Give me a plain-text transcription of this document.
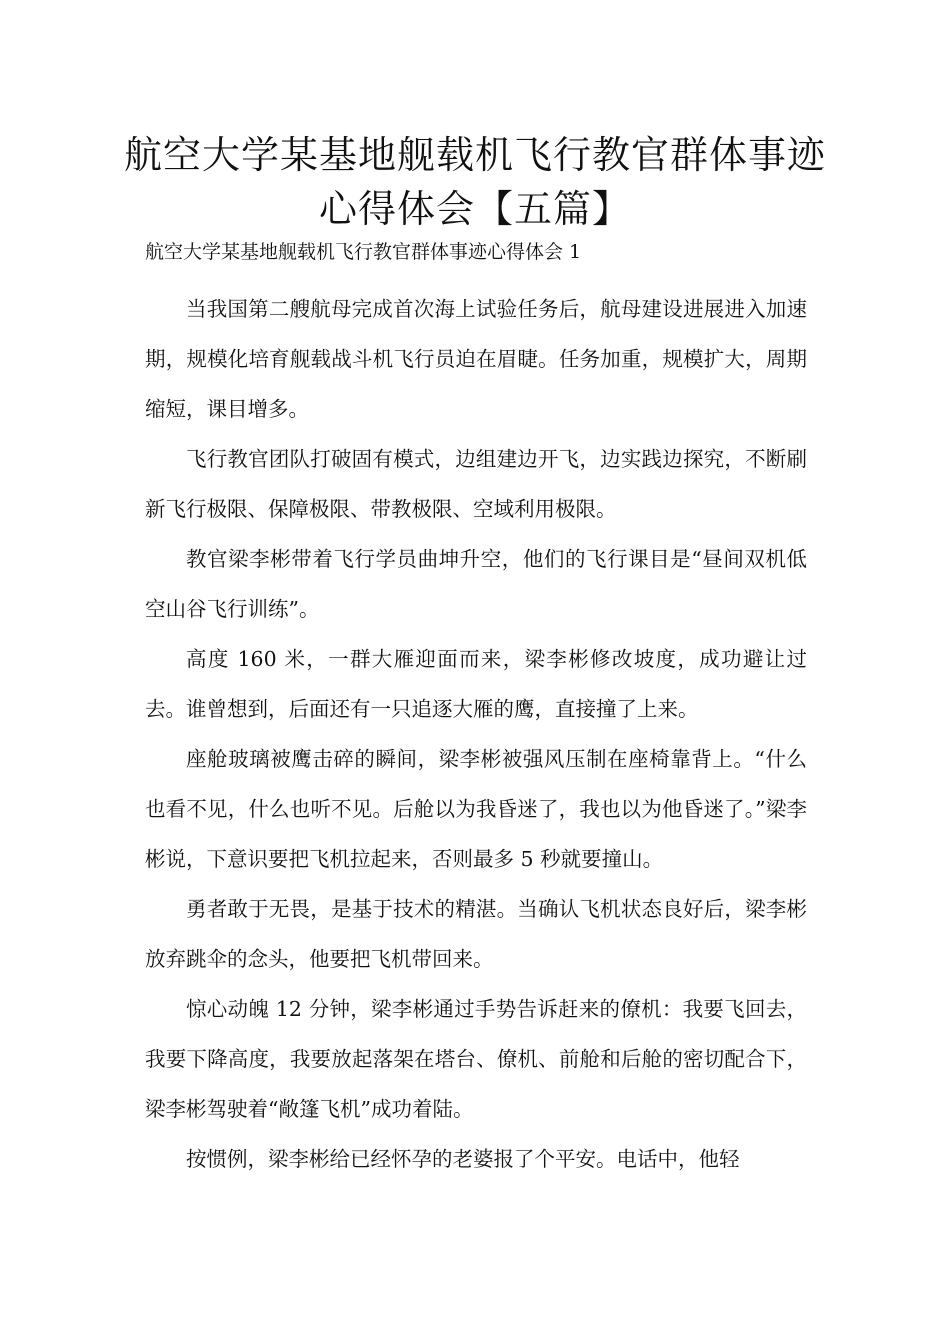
航空大学某基地舰载机飞行教官群体事迹心得体会【五篇】

航空大学某基地舰载机飞行教官群体事迹心得体会 1

当我国第二艘航母完成首次海上试验任务后，航母建设进展进入加速期，规模化培育舰载战斗机飞行员迫在眉睫。任务加重，规模扩大，周期缩短，课目增多。

飞行教官团队打破固有模式，边组建边开飞，边实践边探究，不断刷新飞行极限、保障极限、带教极限、空域利用极限。

教官梁李彬带着飞行学员曲坤升空，他们的飞行课目是“昼间双机低空山谷飞行训练”。

高度 160 米，一群大雁迎面而来，梁李彬修改坡度，成功避让过去。谁曾想到，后面还有一只追逐大雁的鹰，直接撞了上来。

座舱玻璃被鹰击碎的瞬间，梁李彬被强风压制在座椅靠背上。“什么也看不见，什么也听不见。后舱以为我昏迷了，我也以为他昏迷了。”梁李彬说，下意识要把飞机拉起来，否则最多 5 秒就要撞山。

勇者敢于无畏，是基于技术的精湛。当确认飞机状态良好后，梁李彬放弃跳伞的念头，他要把飞机带回来。

惊心动魄 12 分钟，梁李彬通过手势告诉赶来的僚机：我要飞回去，我要下降高度，我要放起落架在塔台、僚机、前舱和后舱的密切配合下，梁李彬驾驶着“敞篷飞机”成功着陆。

按惯例，梁李彬给已经怀孕的老婆报了个平安。电话中，他轻
